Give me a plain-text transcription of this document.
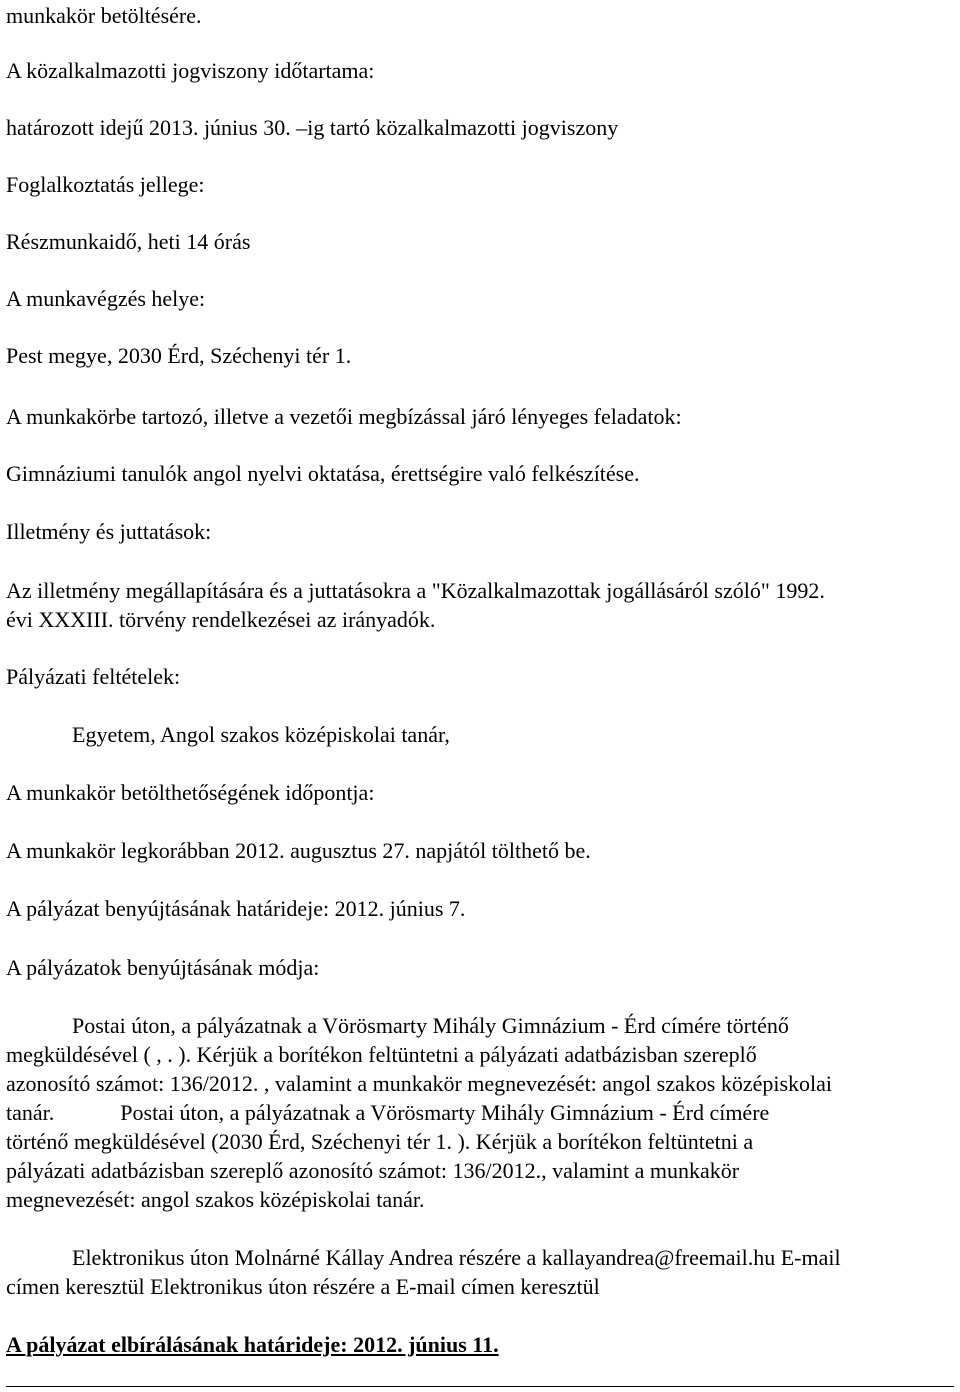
munkakör betöltésére.
A közalkalmazotti jogviszony időtartama:
határozott idejű 2013. június 30. –ig tartó közalkalmazotti jogviszony
Foglalkoztatás jellege:
Részmunkaidő, heti 14 órás
A munkavégzés helye:
Pest megye, 2030 Érd, Széchenyi tér 1.
A munkakörbe tartozó, illetve a vezetői megbízással járó lényeges feladatok:
Gimnáziumi tanulók angol nyelvi oktatása, érettségire való felkészítése.
Illetmény és juttatások:
Az illetmény megállapítására és a juttatásokra a "Közalkalmazottak jogállásáról szóló" 1992.
évi XXXIII. törvény rendelkezései az irányadók.
Pályázati feltételek:
Egyetem, Angol szakos középiskolai tanár,
A munkakör betölthetőségének időpontja:
A munkakör legkorábban 2012. augusztus 27. napjától tölthető be.
A pályázat benyújtásának határideje: 2012. június 7.
A pályázatok benyújtásának módja:
Postai úton, a pályázatnak a Vörösmarty Mihály Gimnázium - Érd címére történő
megküldésével ( , . ). Kérjük a borítékon feltüntetni a pályázati adatbázisban szereplő
azonosító számot: 136/2012. , valamint a munkakör megnevezését: angol szakos középiskolai
tanár.	Postai úton, a pályázatnak a Vörösmarty Mihály Gimnázium - Érd címére
történő megküldésével (2030 Érd, Széchenyi tér 1. ). Kérjük a borítékon feltüntetni a
pályázati adatbázisban szereplő azonosító számot: 136/2012., valamint a munkakör
megnevezését: angol szakos középiskolai tanár.
Elektronikus úton Molnárné Kállay Andrea részére a kallayandrea@freemail.hu E-mail
címen keresztül Elektronikus úton részére a E-mail címen keresztül
A pályázat elbírálásának határideje: 2012. június 11.
